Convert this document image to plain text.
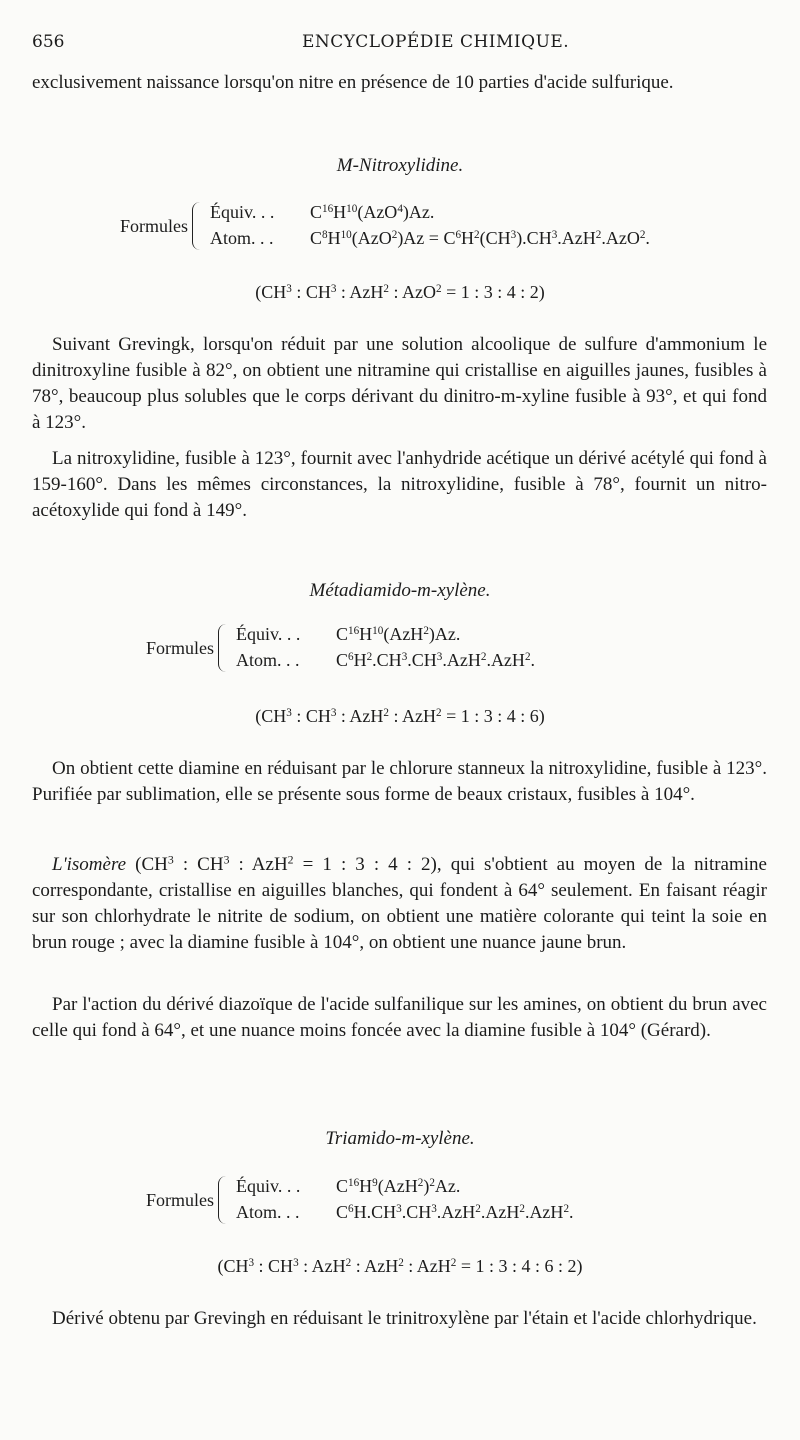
656	ENCYCLOPÉDIE CHIMIQUE.

exclusivement naissance lorsqu'on nitre en présence de 10 parties d'acide sulfurique.

M-Nitroxylidine.
Formules
Équiv. . . $C^{16}H^{10}(AzO^4)Az$.
Atom. . . $C^8H^{10}(AzO^2)Az = C^6H^2(CH^3).CH^3.AzH^2.AzO^2$.
($CH^3$ : $CH^3$ : AzH$^2$ : AzO$^2$ = 1 : 3 : 4 : 2)

Suivant Grevingk, lorsqu'on réduit par une solution alcoolique de sulfure d'ammonium le dinitroxyline fusible à 82°, on obtient une nitramine qui cristallise en aiguilles jaunes, fusibles à 78°, beaucoup plus solubles que le corps dérivant du dinitro-m-xyline fusible à 93°, et qui fond à 123°.

La nitroxylidine, fusible à 123°, fournit avec l'anhydride acétique un dérivé acétylé qui fond à 159-160°. Dans les mêmes circonstances, la nitroxylidine, fusible à 78°, fournit un nitro-acétoxylide qui fond à 149°.

Métadiamido-m-xylène.
Formules
Équiv. . . $C^{16}H^{10}(AzH^2)Az$.
Atom. . . $C^6H^2.CH^3.CH^3.AzH^2.AzH^2$.
($CH^3$ : $CH^3$ : AzH$^2$ : AzH$^2$ = 1 : 3 : 4 : 6)

On obtient cette diamine en réduisant par le chlorure stanneux la nitroxylidine, fusible à 123°. Purifiée par sublimation, elle se présente sous forme de beaux cristaux, fusibles à 104°.

L'isomère ($CH^3$ : $CH^3$ : AzH$^2$ = 1 : 3 : 4 : 2), qui s'obtient au moyen de la nitramine correspondante, cristallise en aiguilles blanches, qui fondent à 64° seulement. En faisant réagir sur son chlorhydrate le nitrite de sodium, on obtient une matière colorante qui teint la soie en brun rouge ; avec la diamine fusible à 104°, on obtient une nuance jaune brun.

Par l'action du dérivé diazoïque de l'acide sulfanilique sur les amines, on obtient du brun avec celle qui fond à 64°, et une nuance moins foncée avec la diamine fusible à 104° (Gérard).

Triamido-m-xylène.
Formules
Équiv. . . $C^{16}H^9(AzH^2)^2Az$.
Atom. . . $C^6H.CH^3.CH^3.AzH^2.AzH^2.AzH^2$.
($CH^3$ : $CH^3$ : AzH$^2$ : AzH$^2$ : AzH$^2$ = 1 : 3 : 4 : 6 : 2)

Dérivé obtenu par Grevingh en réduisant le trinitroxylène par l'étain et l'acide chlorhydrique.
